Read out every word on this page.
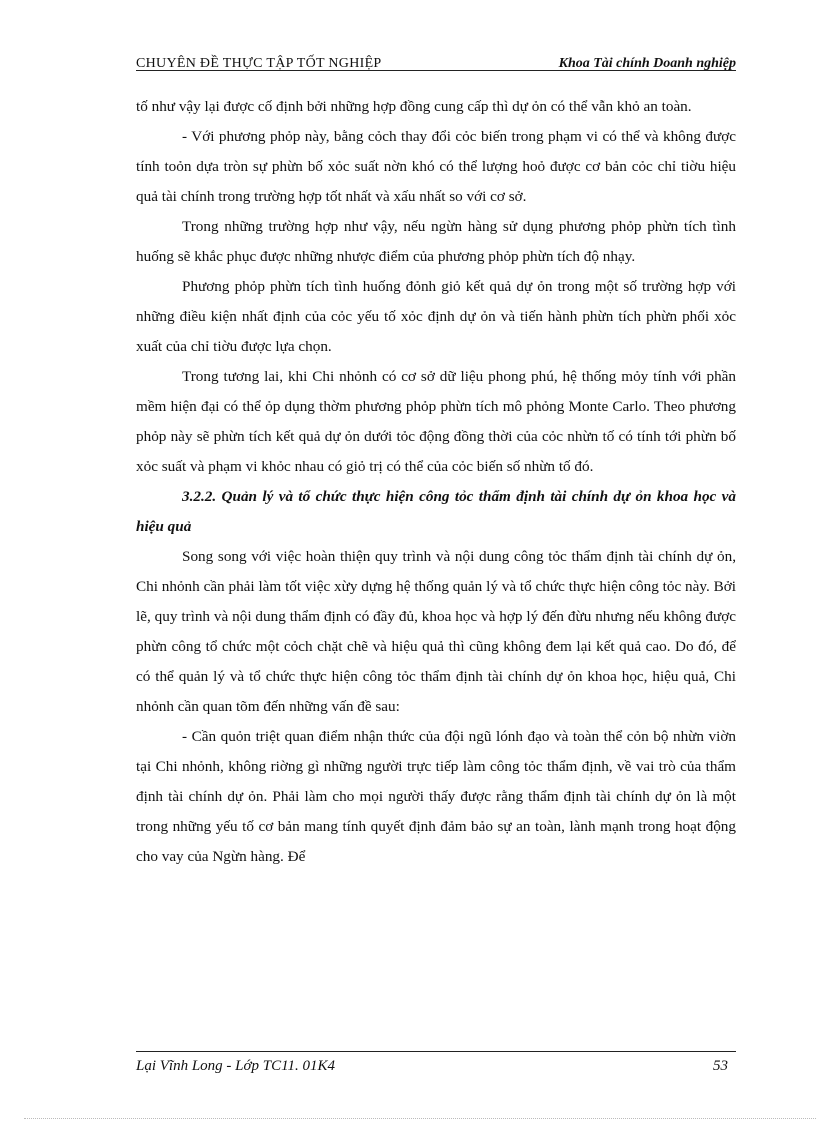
CHUYÊN ĐỀ THỰC TẬP TỐT NGHIỆP	Khoa Tài chính Doanh nghiệp

tố như vậy lại được cố định bởi những hợp đồng cung cấp thì dự ỏn có thể vẫn khỏ an toàn.

- Với phương phỏp này, bằng cỏch thay đổi cỏc biến trong phạm vi có thể và không được tính toỏn dựa tròn sự phừn bố xỏc suất nờn khó có thể lượng hoỏ được cơ bản cỏc chỉ tiờu hiệu quả tài chính trong trường hợp tốt nhất và xấu nhất so với cơ sở.

Trong những trường hợp như vậy, nếu ngừn hàng sử dụng phương phỏp phừn tích tình huống sẽ khắc phục được những nhược điểm của phương phỏp phừn tích độ nhạy.

Phương phỏp phừn tích tình huống đỏnh giỏ kết quả dự ỏn trong một số trường hợp với những điều kiện nhất định của cỏc yếu tố xỏc định dự ỏn và tiến hành phừn tích phừn phối xỏc xuất của chỉ tiờu được lựa chọn.

Trong tương lai, khi Chi nhỏnh có cơ sở dữ liệu phong phú, hệ thống mỏy tính với phần mềm hiện đại có thể ỏp dụng thờm phương phỏp phừn tích mô phỏng Monte Carlo. Theo phương phỏp này sẽ phừn tích kết quả dự ỏn dưới tỏc động đồng thời của cỏc nhừn tố có tính tới phừn bố xỏc suất và phạm vi khỏc nhau có giỏ trị có thể của cỏc biến số nhừn tố đó.

3.2.2. Quản lý và tổ chức thực hiện công tỏc thẩm định tài chính dự ỏn khoa học và hiệu quả

Song song với việc hoàn thiện quy trình và nội dung công tỏc thẩm định tài chính dự ỏn, Chi nhỏnh cần phải làm tốt việc xừy dựng hệ thống quản lý và tổ chức thực hiện công tỏc này. Bởi lẽ, quy trình và nội dung thẩm định có đầy đủ, khoa học và hợp lý đến đừu nhưng nếu không được phừn công tổ chức một cỏch chặt chẽ và hiệu quả thì cũng không đem lại kết quả cao. Do đó, để có thể quản lý và tổ chức thực hiện công tỏc thẩm định tài chính dự ỏn khoa học, hiệu quả, Chi nhỏnh cần quan tõm đến những vấn đề sau:

- Cần quỏn triệt quan điểm nhận thức của đội ngũ lónh đạo và toàn thể cỏn bộ nhừn viờn tại Chi nhỏnh, không riờng gì những người trực tiếp làm công tỏc thẩm định, về vai trò của thẩm định tài chính dự ỏn. Phải làm cho mọi người thấy được rằng thẩm định tài chính dự ỏn là một trong những yếu tố cơ bản mang tính quyết định đảm bảo sự an toàn, lành mạnh trong hoạt động cho vay của Ngừn hàng. Để

Lại Vĩnh Long - Lớp TC11. 01K4	53
